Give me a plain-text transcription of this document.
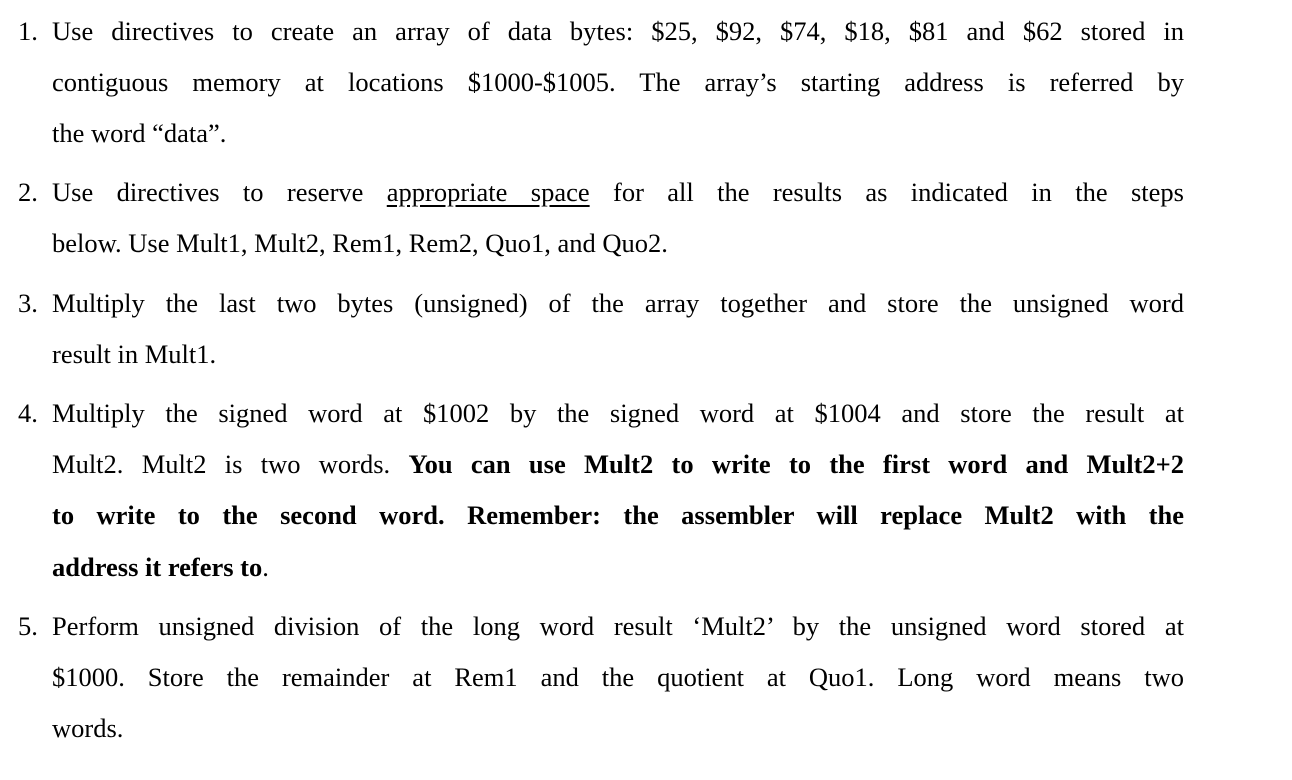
1. Use directives to create an array of data bytes: $25, $92, $74, $18, $81 and $62 stored in
contiguous memory at locations $1000-$1005. The array’s starting address is referred by
the word “data”.
2. Use directives to reserve appropriate space for all the results as indicated in the steps
below. Use Mult1, Mult2, Rem1, Rem2, Quo1, and Quo2.
3. Multiply the last two bytes (unsigned) of the array together and store the unsigned word
result in Mult1.
4. Multiply the signed word at $1002 by the signed word at $1004 and store the result at
Mult2. Mult2 is two words. You can use Mult2 to write to the first word and Mult2+2
to write to the second word. Remember: the assembler will replace Mult2 with the
address it refers to.
5. Perform unsigned division of the long word result ‘Mult2’ by the unsigned word stored at
$1000. Store the remainder at Rem1 and the quotient at Quo1. Long word means two
words.
